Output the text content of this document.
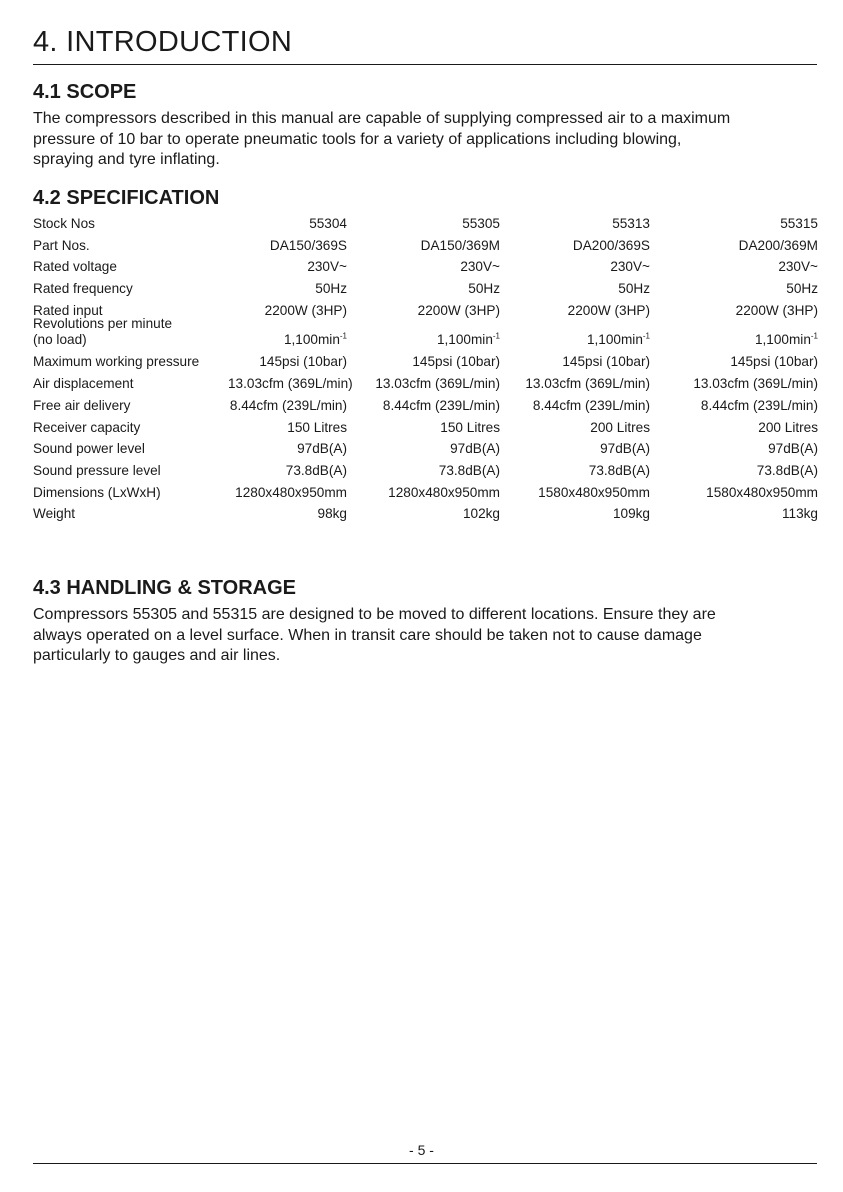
4. INTRODUCTION
4.1 SCOPE

The compressors described in this manual are capable of supplying compressed air to a maximum
pressure of 10 bar to operate pneumatic tools for a variety of applications including blowing,
spraying and tyre inflating.

4.2 SPECIFICATION
Stock Nos	55304	55305	55313	55315
Part Nos.	DA150/369S	DA150/369M	DA200/369S	DA200/369M
Rated voltage	230V~	230V~	230V~	230V~
Rated frequency	50Hz	50Hz	50Hz	50Hz
Rated input	2200W (3HP)	2200W (3HP)	2200W (3HP)	2200W (3HP)
Revolutions per minute
(no load)	$1,100\min^{-1}$	$1,100\min^{-1}$	$1,100\min^{-1}$	$1,100\min^{-1}$
Maximum working pressure	145psi (10bar)	145psi (10bar)	145psi (10bar)	145psi (10bar)
Air displacement	13.03cfm (369L/min)	13.03cfm (369L/min)	13.03cfm (369L/min)	13.03cfm (369L/min)
Free air delivery	8.44cfm (239L/min)	8.44cfm (239L/min)	8.44cfm (239L/min)	8.44cfm (239L/min)
Receiver capacity	150 Litres	150 Litres	200 Litres	200 Litres
Sound power level	97dB(A)	97dB(A)	97dB(A)	97dB(A)
Sound pressure level	73.8dB(A)	73.8dB(A)	73.8dB(A)	73.8dB(A)
Dimensions (LxWxH)	1280x480x950mm	1280x480x950mm	1580x480x950mm	1580x480x950mm
Weight	98kg	102kg	109kg	113kg
4.3 HANDLING & STORAGE

Compressors 55305 and 55315 are designed to be moved to different locations. Ensure they are
always operated on a level surface. When in transit care should be taken not to cause damage
particularly to gauges and air lines.

- 5 -
